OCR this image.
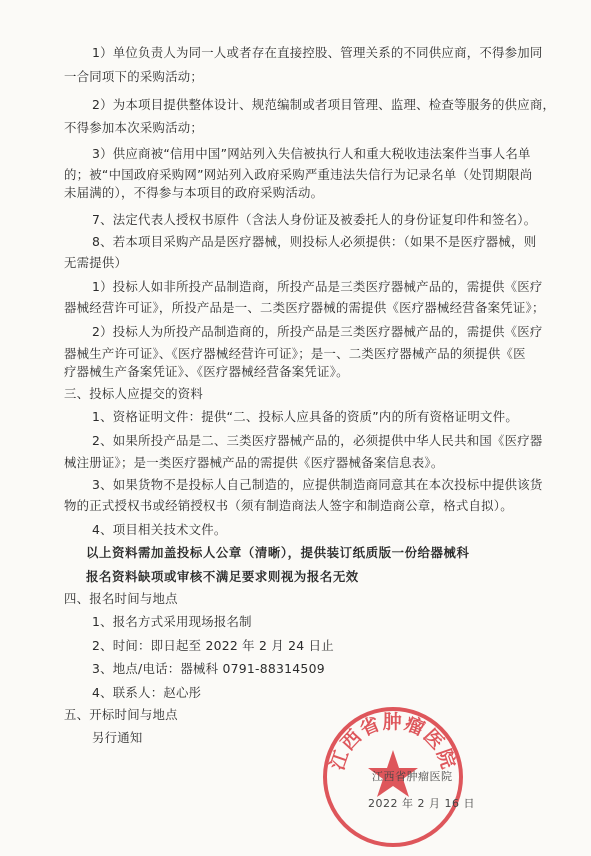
1）单位负责人为同一人或者存在直接控股、管理关系的不同供应商，不得参加同
一合同项下的采购活动；
2）为本项目提供整体设计、规范编制或者项目管理、监理、检查等服务的供应商，
不得参加本次采购活动；
3）供应商被“信用中国”网站列入失信被执行人和重大税收违法案件当事人名单
的；被“中国政府采购网”网站列入政府采购严重违法失信行为记录名单（处罚期限尚
未届满的），不得参与本项目的政府采购活动。
7、法定代表人授权书原件（含法人身份证及被委托人的身份证复印件和签名）。
8、若本项目采购产品是医疗器械，则投标人必须提供：（如果不是医疗器械，则
无需提供）
1）投标人如非所投产品制造商，所投产品是三类医疗器械产品的，需提供《医疗
器械经营许可证》，所投产品是一、二类医疗器械的需提供《医疗器械经营备案凭证》；
2）投标人为所投产品制造商的，所投产品是三类医疗器械产品的，需提供《医疗
器械生产许可证》、《医疗器械经营许可证》；是一、二类医疗器械产品的须提供《医
疗器械生产备案凭证》、《医疗器械经营备案凭证》。
三、投标人应提交的资料
1、资格证明文件：提供“二、投标人应具备的资质”内的所有资格证明文件。
2、如果所投产品是二、三类医疗器械产品的，必须提供中华人民共和国《医疗器
械注册证》；是一类医疗器械产品的需提供《医疗器械备案信息表》。
3、如果货物不是投标人自己制造的，应提供制造商同意其在本次投标中提供该货
物的正式授权书或经销授权书（须有制造商法人签字和制造商公章，格式自拟）。
4、项目相关技术文件。
以上资料需加盖投标人公章（清晰），提供装订纸质版一份给器械科
报名资料缺项或审核不满足要求则视为报名无效
四、报名时间与地点
1、报名方式采用现场报名制
2、时间：即日起至 2022 年 2 月 24 日止
3、地点/电话：器械科 0791-88314509
4、联系人：赵心彤
五、开标时间与地点
另行通知
江西省肿瘤医院
江西省肿瘤医院
2022 年 2 月 16 日
